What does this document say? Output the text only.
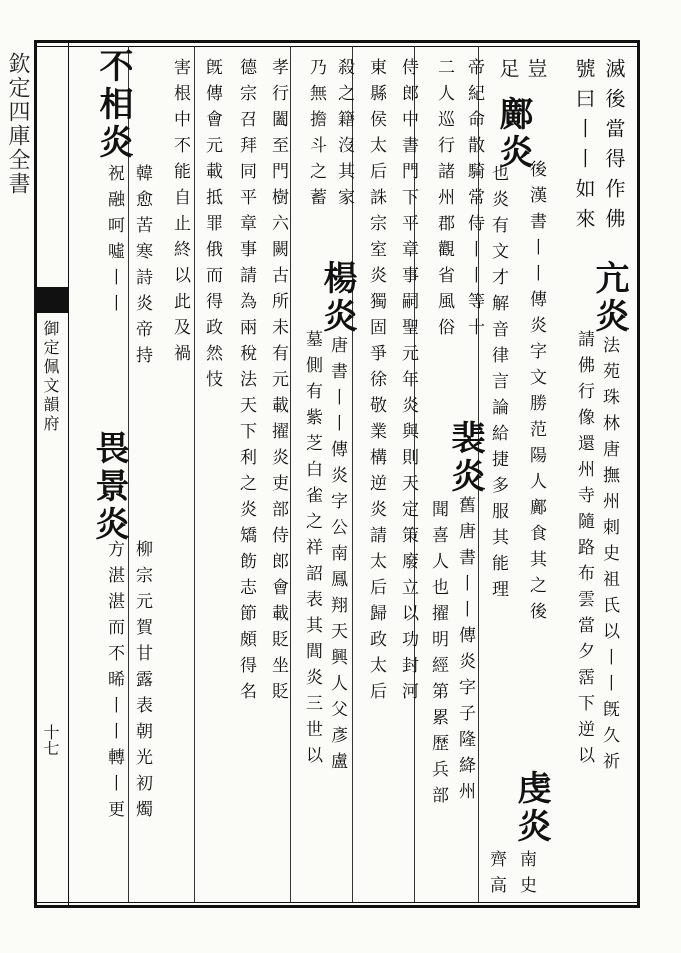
欽定四庫全書
御定佩文韻府
十七
滅後當得作佛
號曰丨丨如來
亢炎法苑珠林唐撫州刺史祖氏以丨丨旣久祈
請佛行像還州寺隨路布雲當夕霑下逆以
豈
足
鄺炎
後漢書丨丨傳炎字文勝范陽人鄺食其之後
也炎有文才解音律言論給捷多服其能理
虔炎
南史
齊高
帝紀命散騎常侍丨丨等十
二人巡行諸州郡觀省風俗
裴炎舊唐書丨丨傳炎字子隆絳州
聞喜人也擢明經第累歷兵部
侍郎中書門下平章事嗣聖元年炎與則天定策廢立以功封河
東縣侯太后誅宗室炎獨固爭徐敬業構逆炎請太后歸政太后
殺之籍沒其家
乃無擔斗之蓄
楊炎唐書丨丨傳炎字公南鳳翔天興人父彥盧
墓側有紫芝白雀之祥詔表其閭炎三世以
孝行闔至門樹六闕古所未有元載擢炎吏部侍郎會載貶坐貶
德宗召拜同平章事請為兩稅法天下利之炎矯飭志節頗得名
旣傳會元載抵罪俄而得政然忮
害根中不能自止終以此及禍
不相炎
韓愈苦寒詩炎帝持
祝融呵噓丨丨
畏景炎
柳宗元賀甘露表朝光初燭
方湛湛而不晞丨丨轉丨更
